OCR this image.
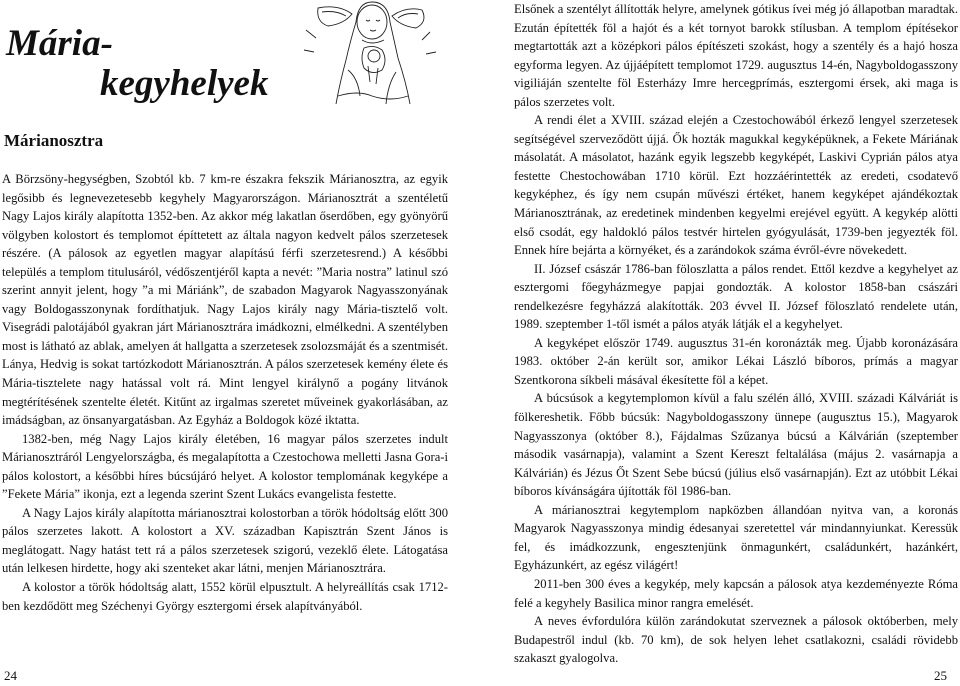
Mária-
kegyhelyek
Márianosztra

A Börzsöny-hegységben, Szobtól kb. 7 km-re északra fekszik Márianosztra, az egyik legősibb és legnevezetesebb kegyhely Magyarországon. Márianosztrát a szentéletű Nagy Lajos király alapította 1352-ben. Az akkor még lakatlan őserdőben, egy gyönyörű völgyben kolostort és templomot építtetett az általa nagyon kedvelt pálos szerzetesek részére. (A pálosok az egyetlen magyar alapítású férfi szerzetesrend.) A későbbi település a templom titulusáról, védőszentjéről kapta a nevét: ”Maria nostra” latinul szó szerint annyit jelent, hogy ”a mi Máriánk”, de szabadon Magyarok Nagyasszonyának vagy Boldogasszonynak fordíthatjuk. Nagy Lajos király nagy Mária-tisztelő volt. Visegrádi palotájából gyakran járt Márianosztrára imádkozni, elmélkedni. A szentélyben most is látható az ablak, amelyen át hallgatta a szerzetesek zsolozsmáját és a szentmisét. Lánya, Hedvig is sokat tartózkodott Márianosztrán. A pálos szerzetesek kemény élete és Mária-tisztelete nagy hatással volt rá. Mint lengyel királynő a pogány litvánok megtérítésének szentelte életét. Kitűnt az irgalmas szeretet műveinek gyakorlásában, az imádságban, az önsanyargatásban. Az Egyház a Boldogok közé iktatta.

1382-ben, még Nagy Lajos király életében, 16 magyar pálos szerzetes indult Márianosztráról Lengyelországba, és megalapította a Czestochowa melletti Jasna Gora-i pálos kolostort, a későbbi híres búcsújáró helyet. A kolostor templomának kegyképe a ”Fekete Mária” ikonja, ezt a legenda szerint Szent Lukács evangelista festette.

A Nagy Lajos király alapította márianosztrai kolostorban a török hódoltság előtt 300 pálos szerzetes lakott. A kolostort a XV. században Kapisztrán Szent János is meglátogatt. Nagy hatást tett rá a pálos szerzetesek szigorú, vezeklő élete. Látogatása után lelkesen hirdette, hogy aki szenteket akar látni, menjen Márianosztrára.

A kolostor a török hódoltság alatt, 1552 körül elpusztult. A helyreállítás csak 1712-ben kezdődött meg Széchenyi György esztergomi érsek alapítványából.

Elsőnek a szentélyt állították helyre, amelynek gótikus ívei még jó állapotban maradtak. Ezután építették föl a hajót és a két tornyot barokk stílusban. A templom építésekor megtartották azt a középkori pálos építészeti szokást, hogy a szentély és a hajó hosza egyforma legyen. Az újjáépített templomot 1729. augusztus 14-én, Nagyboldogasszony vigiliáján szentelte föl Esterházy Imre hercegprímás, esztergomi érsek, aki maga is pálos szerzetes volt.

A rendi élet a XVIII. század elején a Czestochowából érkező lengyel szerzetesek segítségével szerveződött újjá. Ők hozták magukkal kegyképüknek, a Fekete Máriának másolatát. A másolatot, hazánk egyik legszebb kegyképét, Laskivi Cyprián pálos atya festette Chestochowában 1710 körül. Ezt hozzáérintették az eredeti, csodatevő kegyképhez, és így nem csupán művészi értéket, hanem kegyképet ajándékoztak Márianosztrának, az eredetinek mindenben kegyelmi erejével együtt. A kegykép alötti első csodát, egy haldokló pálos testvér hirtelen gyógyulását, 1739-ben jegyezték föl. Ennek híre bejárta a környéket, és a zarándokok száma évről-évre növekedett.

II. József császár 1786-ban föloszlatta a pálos rendet. Ettől kezdve a kegyhelyet az esztergomi főegyházmegye papjai gondozták. A kolostor 1858-ban császári rendelkezésre fegyházzá alakították. 203 évvel II. József föloszlató rendelete után, 1989. szeptember 1-től ismét a pálos atyák látják el a kegyhelyet.

A kegyképet először 1749. augusztus 31-én koronázták meg. Újabb koronázására 1983. október 2-án került sor, amikor Lékai László bíboros, prímás a magyar Szentkorona síkbeli másával ékesítette föl a képet.

A búcsúsok a kegytemplomon kívül a falu szélén álló, XVIII. századi Kálváriát is fölkereshetik. Főbb búcsúk: Nagyboldogasszony ünnepe (augusztus 15.), Magyarok Nagyasszonya (október 8.), Fájdalmas Szűzanya búcsú a Kálvárián (szeptember második vasárnapja), valamint a Szent Kereszt feltalálása (május 2. vasárnapja a Kálvárián) és Jézus Őt Szent Sebe búcsú (július első vasárnapján). Ezt az utóbbit Lékai bíboros kívánságára újították föl 1986-ban.

A márianosztrai kegytemplom napközben állandóan nyitva van, a koronás Magyarok Nagyasszonya mindig édesanyai szeretettel vár mindannyiunkat. Keressük fel, és imádkozzunk, engesztenjünk önmagunkért, családunkért, hazánkért, Egyházunkért, az egész világért!

2011-ben 300 éves a kegykép, mely kapcsán a pálosok atya kezdeményezte Róma felé a kegyhely Basilica minor rangra emelését.

A neves évfordulóra külön zarándokutat szerveznek a pálosok októberben, mely Budapestről indul (kb. 70 km), de sok helyen lehet csatlakozni, családi rövidebb szakaszt gyalogolva.

24	25
